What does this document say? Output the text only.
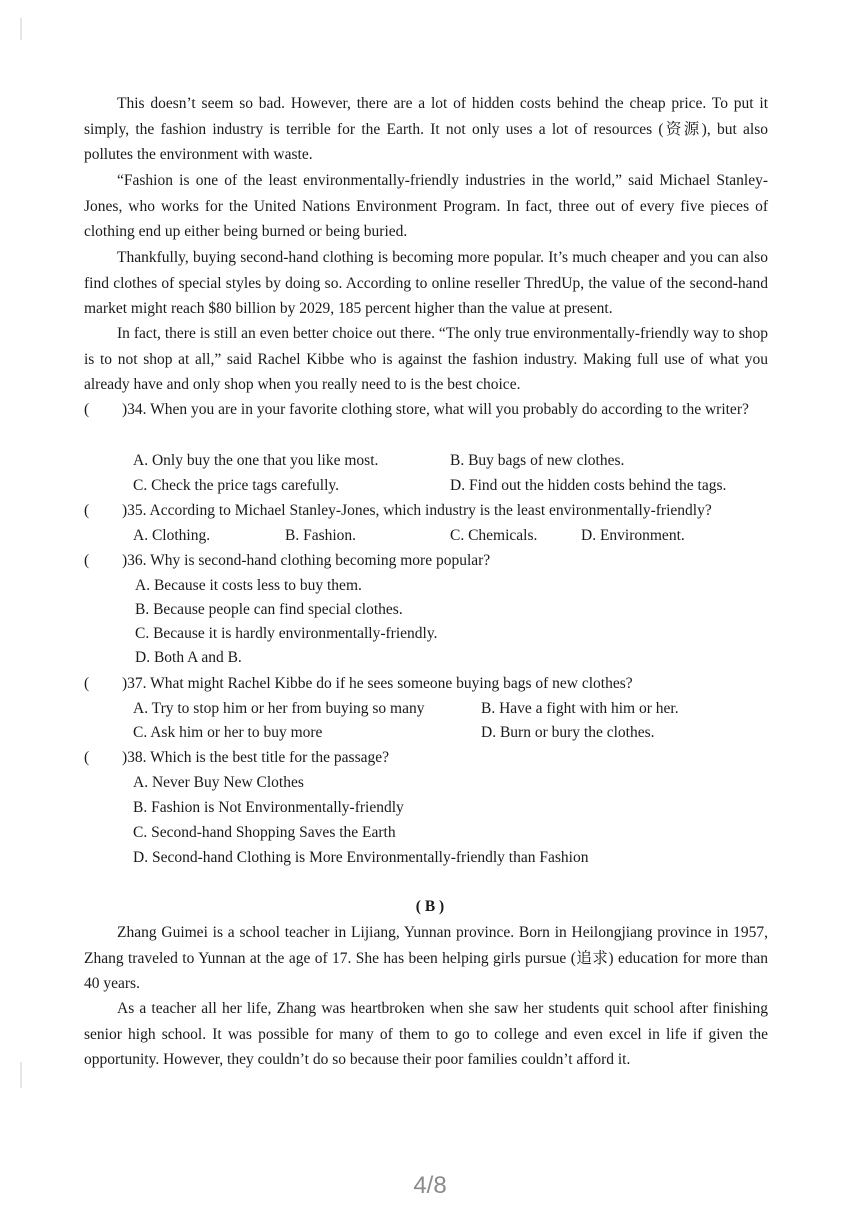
This doesn’t seem so bad. However, there are a lot of hidden costs behind the cheap price. To put it simply, the fashion industry is terrible for the Earth. It not only uses a lot of resources (资源), but also pollutes the environment with waste.

“Fashion is one of the least environmentally-friendly industries in the world,” said Michael Stanley-Jones, who works for the United Nations Environment Program. In fact, three out of every five pieces of clothing end up either being burned or being buried.

Thankfully, buying second-hand clothing is becoming more popular. It’s much cheaper and you can also find clothes of special styles by doing so. According to online reseller ThredUp, the value of the second-hand market might reach $80 billion by 2029, 185 percent higher than the value at present.

In fact, there is still an even better choice out there. “The only true environmentally-friendly way to shop is to not shop at all,” said Rachel Kibbe who is against the fashion industry. Making full use of what you already have and only shop when you really need to is the best choice.

(	)34. When you are in your favorite clothing store, what will you probably do according to the writer?
A. Only buy the one that you like most.	B. Buy bags of new clothes.
C. Check the price tags carefully.	D. Find out the hidden costs behind the tags.
( )35. According to Michael Stanley-Jones, which industry is the least environmentally-friendly?
A. Clothing.	B. Fashion.	C. Chemicals.	D. Environment.
( )36. Why is second-hand clothing becoming more popular?
A. Because it costs less to buy them.
B. Because people can find special clothes.
C. Because it is hardly environmentally-friendly.
D. Both A and B.
( )37. What might Rachel Kibbe do if he sees someone buying bags of new clothes?
A. Try to stop him or her from buying so many	B. Have a fight with him or her.
C. Ask him or her to buy more	D. Burn or bury the clothes.
( )38. Which is the best title for the passage?
A. Never Buy New Clothes
B. Fashion is Not Environmentally-friendly
C. Second-hand Shopping Saves the Earth
D. Second-hand Clothing is More Environmentally-friendly than Fashion
( B )

Zhang Guimei is a school teacher in Lijiang, Yunnan province. Born in Heilongjiang province in 1957, Zhang traveled to Yunnan at the age of 17. She has been helping girls pursue (追求) education for more than 40 years.

As a teacher all her life, Zhang was heartbroken when she saw her students quit school after finishing senior high school. It was possible for many of them to go to college and even excel in life if given the opportunity. However, they couldn’t do so because their poor families couldn’t afford it.

4/8
